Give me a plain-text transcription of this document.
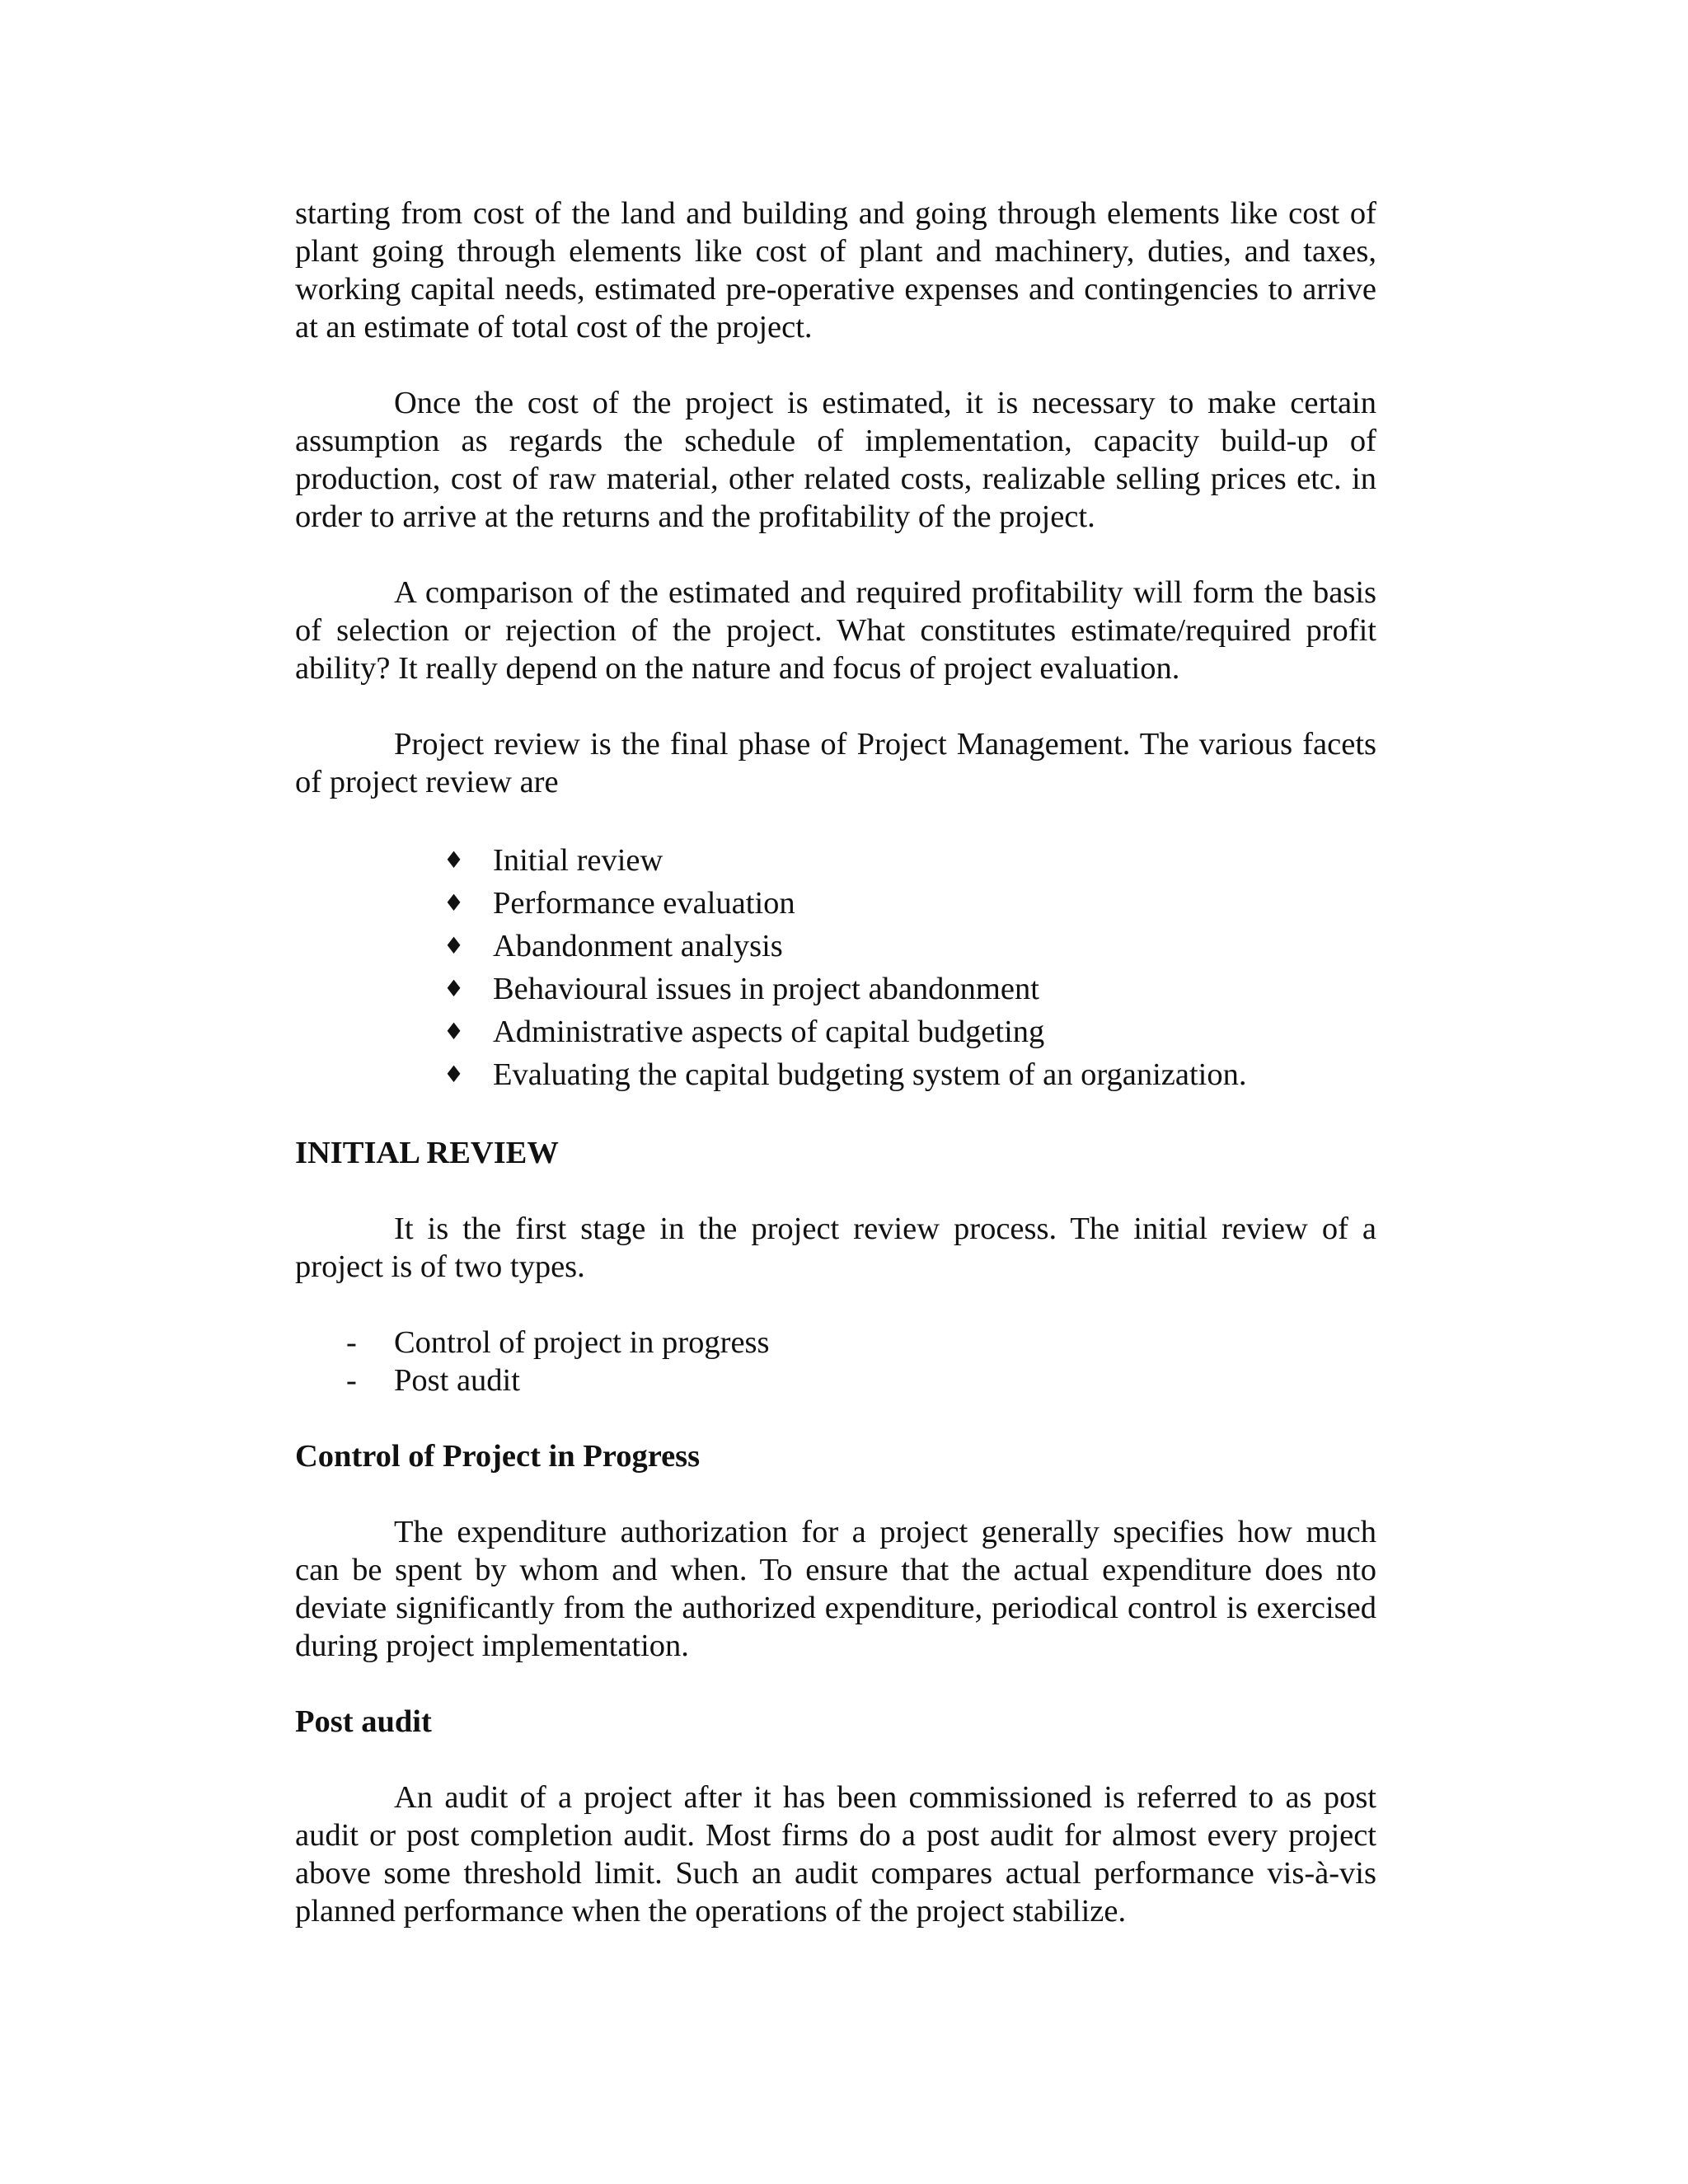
starting from cost of the land and building and going through elements like cost of plant going through elements like cost of plant and machinery, duties, and taxes, working capital needs, estimated pre-operative expenses and contingencies to arrive at an estimate of total cost of the project.

Once the cost of the project is estimated, it is necessary to make certain assumption as regards the schedule of implementation, capacity build-up of production, cost of raw material, other related costs, realizable selling prices etc. in order to arrive at the returns and the profitability of the project.

A comparison of the estimated and required profitability will form the basis of selection or rejection of the project. What constitutes estimate/required profit ability? It really depend on the nature and focus of project evaluation.

Project review is the final phase of Project Management. The various facets of project review are

♦ Initial review
♦ Performance evaluation
♦ Abandonment analysis
♦ Behavioural issues in project abandonment
♦ Administrative aspects of capital budgeting
♦ Evaluating the capital budgeting system of an organization.
INITIAL REVIEW

It is the first stage in the project review process. The initial review of a project is of two types.

- Control of project in progress
- Post audit
Control of Project in Progress

The expenditure authorization for a project generally specifies how much can be spent by whom and when. To ensure that the actual expenditure does nto deviate significantly from the authorized expenditure, periodical control is exercised during project implementation.

Post audit

An audit of a project after it has been commissioned is referred to as post audit or post completion audit. Most firms do a post audit for almost every project above some threshold limit. Such an audit compares actual performance vis-à-vis planned performance when the operations of the project stabilize.
